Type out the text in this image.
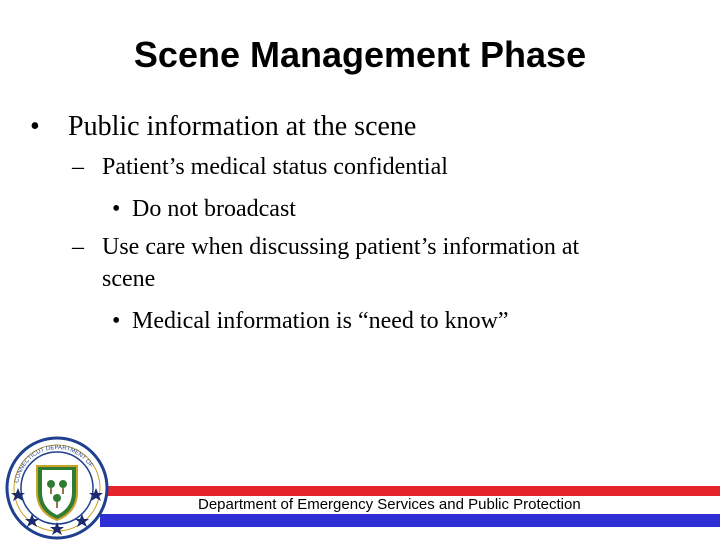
Scene Management Phase
• Public information at the scene
– Patient’s medical status confidential
• Do not broadcast
– Use care when discussing patient’s information at
scene
• Medical information is “need to know”
Department of Emergency Services and Public Protection
CONNECTICUT DEPARTMENT OF
